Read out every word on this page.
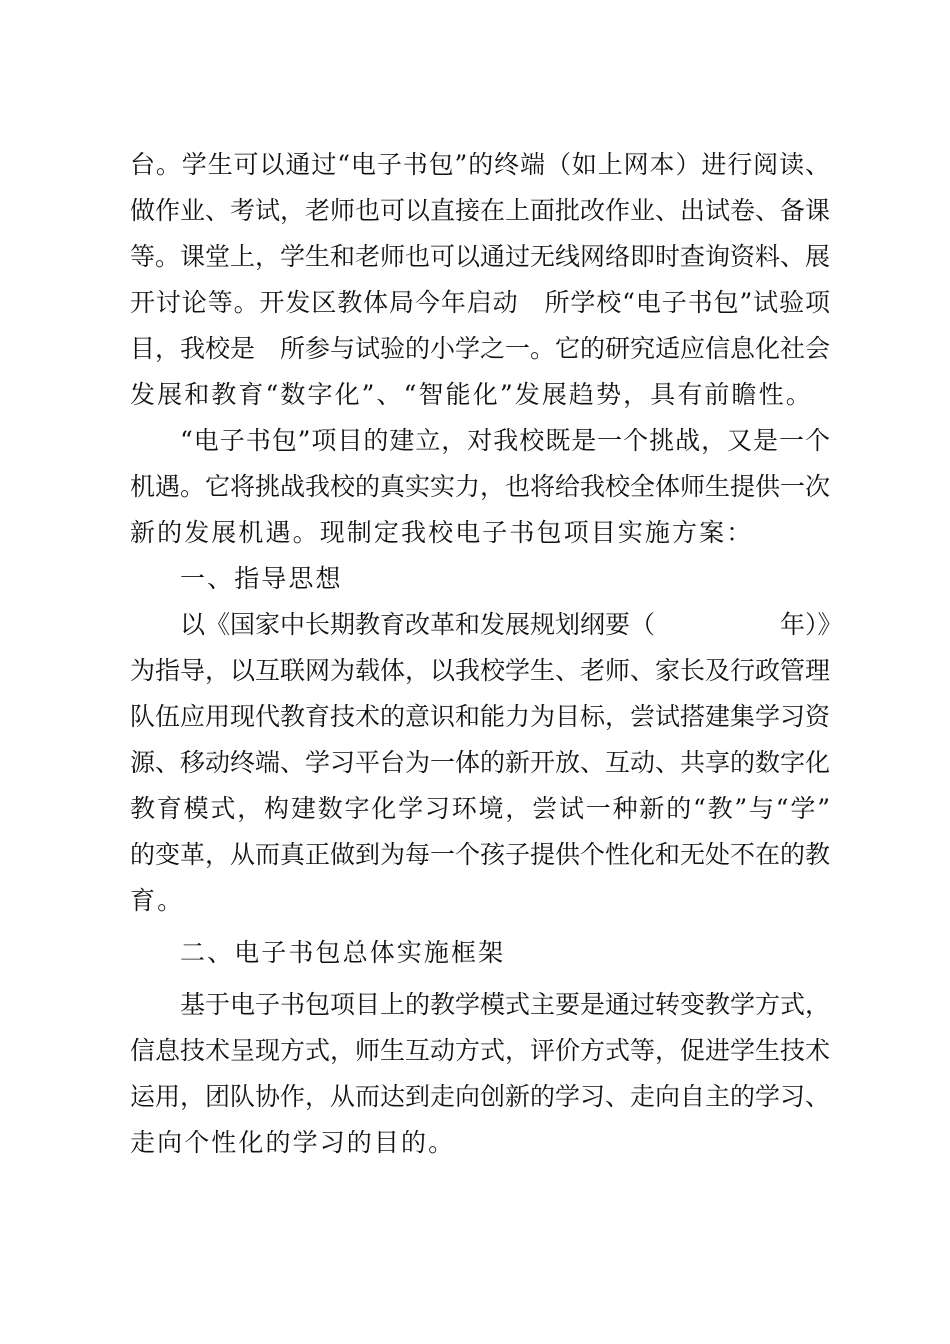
台。学生可以通过“电子书包”的终端（如上网本）进行阅读、
做作业、考试，老师也可以直接在上面批改作业、出试卷、备课
等。课堂上，学生和老师也可以通过无线网络即时查询资料、展
开讨论等。开发区教体局今年启动　所学校“电子书包”试验项
目，我校是　所参与试验的小学之一。它的研究适应信息化社会
发展和教育“数字化”、“智能化”发展趋势，具有前瞻性。
“电子书包”项目的建立，对我校既是一个挑战，又是一个
机遇。它将挑战我校的真实实力，也将给我校全体师生提供一次
新的发展机遇。现制定我校电子书包项目实施方案：
一、指导思想
以《国家中长期教育改革和发展规划纲要（　　　　　年）》
为指导，以互联网为载体，以我校学生、老师、家长及行政管理
队伍应用现代教育技术的意识和能力为目标，尝试搭建集学习资
源、移动终端、学习平台为一体的新开放、互动、共享的数字化
教育模式，构建数字化学习环境，尝试一种新的“教”与“学”
的变革，从而真正做到为每一个孩子提供个性化和无处不在的教
育。
二、电子书包总体实施框架
基于电子书包项目上的教学模式主要是通过转变教学方式，
信息技术呈现方式，师生互动方式，评价方式等，促进学生技术
运用，团队协作，从而达到走向创新的学习、走向自主的学习、
走向个性化的学习的目的。
